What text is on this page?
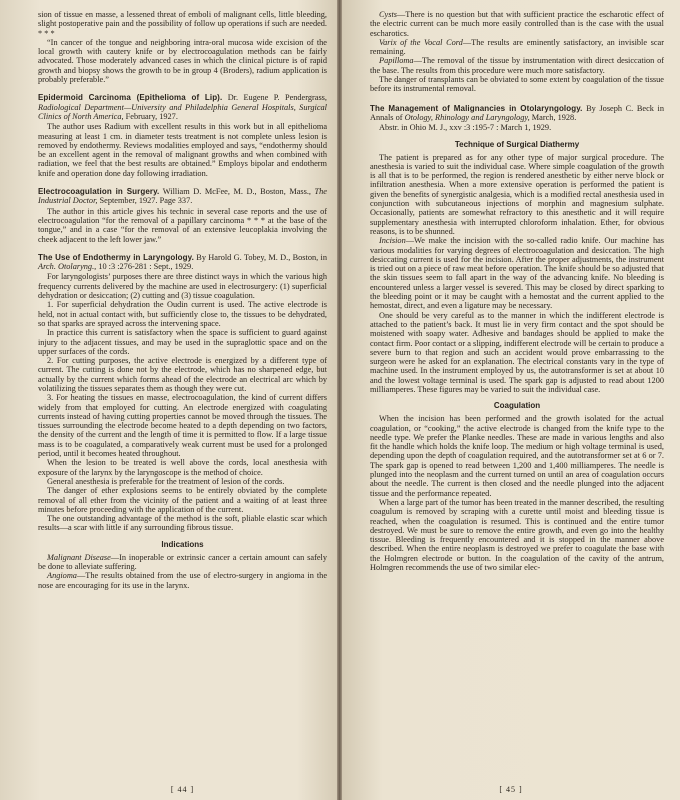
sion of tissue en masse, a lessened threat of emboli of malignant cells, little bleeding, slight postoperative pain and the possibility of follow up operations if such are needed. * * *

“In cancer of the tongue and neighboring intra-oral mucosa wide excision of the local growth with cautery knife or by electrocoagulation methods can be fairly advocated. Those moderately advanced cases in which the clinical picture is of rapid growth and biopsy shows the growth to be in group 4 (Broders), radium application is probably preferable.”

Epidermoid Carcinoma (Epithelioma of Lip). Dr. Eugene P. Pendergrass, Radiological Department—University and Philadelphia General Hospitals, Surgical Clinics of North America, February, 1927.

The author uses Radium with excellent results in this work but in all epithelioma measuring at least 1 cm. in diameter tests treatment is not complete unless lesion is removed by endothermy. Reviews modalities employed and says, “endothermy should be an excellent agent in the removal of malignant growths and when combined with radiation, we feel that the best results are obtained.” Employs bipolar and endotherm knife and operation done day following irradiation.

Electrocoagulation in Surgery. William D. McFee, M. D., Boston, Mass., The Industrial Doctor, September, 1927. Page 337.

The author in this article gives his technic in several case reports and the use of electrocoagulation “for the removal of a papillary carcinoma * * * at the base of the tongue,” and in a case “for the removal of an extensive leucoplakia involving the cheek adjacent to the left lower jaw.”

The Use of Endothermy in Laryngology. By Harold G. Tobey, M. D., Boston, in Arch. Otolaryng., 10 :3 :276-281 : Sept., 1929.

For laryngologists’ purposes there are three distinct ways in which the various high frequency currents delivered by the machine are used in electrosurgery: (1) superficial dehydration or desiccation; (2) cutting and (3) tissue coagulation.

1. For superficial dehydration the Oudin current is used. The active electrode is held, not in actual contact with, but sufficiently close to, the tissues to be dehydrated, so that sparks are sprayed across the intervening space.

In practice this current is satisfactory when the space is sufficient to guard against injury to the adjacent tissues, and may be used in the supraglottic space and on the upper surfaces of the cords.

2. For cutting purposes, the active electrode is energized by a different type of current. The cutting is done not by the electrode, which has no sharpened edge, but actually by the current which forms ahead of the electrode an electrical arc which by volatilizing the tissues separates them as though they were cut.

3. For heating the tissues en masse, electrocoagulation, the kind of current differs widely from that employed for cutting. An electrode energized with coagulating currents instead of having cutting properties cannot be moved through the tissues. The tissues surrounding the electrode become heated to a depth depending on two factors, the density of the current and the length of time it is permitted to flow. If a large tissue mass is to be coagulated, a comparatively weak current must be used for a prolonged period, until it becomes heated throughout.

When the lesion to be treated is well above the cords, local anesthesia with exposure of the larynx by the laryngoscope is the method of choice.

General anesthesia is preferable for the treatment of lesion of the cords.

The danger of ether explosions seems to be entirely obviated by the complete removal of all ether from the vicinity of the patient and a waiting of at least three minutes before proceeding with the application of the current.

The one outstanding advantage of the method is the soft, pliable elastic scar which results—a scar with little if any surrounding fibrous tissue.

Indications

Malignant Disease—In inoperable or extrinsic cancer a certain amount can safely be done to alleviate suffering.

Angioma—The results obtained from the use of electro-surgery in angioma in the nose are encouraging for its use in the larynx.

[ 44 ]

Cysts—There is no question but that with sufficient practice the escharotic effect of the electric current can be much more easily controlled than is the case with the usual escharotics.

Varix of the Vocal Cord—The results are eminently satisfactory, an invisible scar remaining.

Papilloma—The removal of the tissue by instrumentation with direct desiccation of the base. The results from this procedure were much more satisfactory.

The danger of transplants can be obviated to some extent by coagulation of the tissue before its instrumental removal.

The Management of Malignancies in Otolaryngology. By Joseph C. Beck in Annals of Otology, Rhinology and Laryngology, March, 1928.

Abstr. in Ohio M. J., xxv :3 :195-7 : March 1, 1929.

Technique of Surgical Diathermy

The patient is prepared as for any other type of major surgical procedure. The anesthesia is varied to suit the individual case. Where simple coagulation of the growth is all that is to be performed, the region is rendered anesthetic by either nerve block or infiltration anesthesia. When a more extensive operation is performed the patient is given the benefits of synergistic analgesia, which is a modified rectal anesthesia used in conjunction with subcutaneous injections of morphin and magnesium sulphate. Occasionally, patients are somewhat refractory to this anesthetic and it will require supplementary anesthesia with interrupted chloroform inhalation. Ether, for obvious reasons, is to be shunned.

Incision—We make the incision with the so-called radio knife. Our machine has various modalities for varying degrees of electrocoagulation and desiccation. The high desiccating current is used for the incision. After the proper adjustments, the instrument is tried out on a piece of raw meat before operation. The knife should be so adjusted that the skin tissues seem to fall apart in the way of the advancing knife. No bleeding is encountered unless a larger vessel is severed. This may be closed by direct sparking to the bleeding point or it may be caught with a hemostat and the current applied to the hemostat, direct, and even a ligature may be necessary.

One should be very careful as to the manner in which the indifferent electrode is attached to the patient’s back. It must lie in very firm contact and the spot should be moistened with soapy water. Adhesive and bandages should be applied to make the contact firm. Poor contact or a slipping, indifferent electrode will be certain to produce a severe burn to that region and such an accident would prove embarrassing to the surgeon were he asked for an explanation. The electrical constants vary in the type of machine used. In the instrument employed by us, the autotransformer is set at about 10 and the lowest voltage terminal is used. The spark gap is adjusted to read about 1200 milliamperes. These figures may be varied to suit the individual case.

Coagulation

When the incision has been performed and the growth isolated for the actual coagulation, or “cooking,” the active electrode is changed from the knife type to the needle type. We prefer the Planke needles. These are made in various lengths and also fit the handle which holds the knife loop. The medium or high voltage terminal is used, depending upon the depth of coagulation required, and the autotransformer set at 6 or 7. The spark gap is opened to read between 1,200 and 1,400 milliamperes. The needle is plunged into the neoplasm and the current turned on until an area of coagulation occurs about the needle. The current is then closed and the needle plunged into the adjacent tissue and the performance repeated.

When a large part of the tumor has been treated in the manner described, the resulting coagulum is removed by scraping with a curette until moist and bleeding tissue is reached, when the coagulation is resumed. This is continued and the entire tumor destroyed. We must be sure to remove the entire growth, and even go into the healthy tissue. Bleeding is frequently encountered and it is stopped in the manner above described. When the entire neoplasm is destroyed we prefer to coagulate the base with the Holmgren electrode or button. In the coagulation of the cavity of the antrum, Holmgren recommends the use of two similar elec-

[ 45 ]
